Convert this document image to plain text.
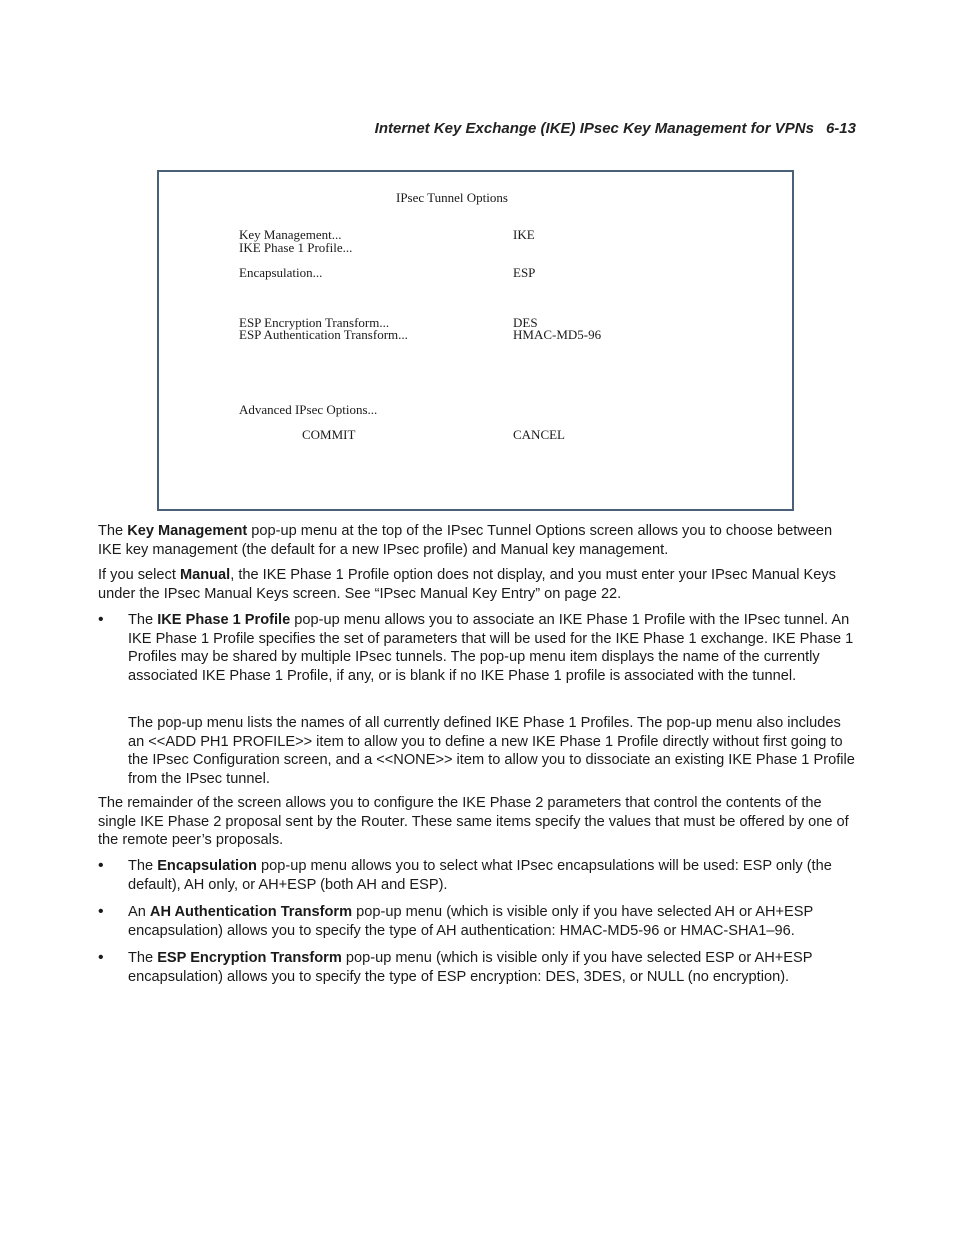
Internet Key Exchange (IKE) IPsec Key Management for VPNs 6-13
IPsec Tunnel Options
Key Management...	IKE
IKE Phase 1 Profile...
Encapsulation...	ESP
ESP Encryption Transform...	DES
ESP Authentication Transform...	HMAC-MD5-96
Advanced IPsec Options...
COMMIT	CANCEL

The Key Management pop-up menu at the top of the IPsec Tunnel Options screen allows you to choose between IKE key management (the default for a new IPsec profile) and Manual key management.

If you select Manual, the IKE Phase 1 Profile option does not display, and you must enter your IPsec Manual Keys under the IPsec Manual Keys screen. See “IPsec Manual Key Entry” on page 22.

• The IKE Phase 1 Profile pop-up menu allows you to associate an IKE Phase 1 Profile with the IPsec tunnel. An IKE Phase 1 Profile specifies the set of parameters that will be used for the IKE Phase 1 exchange. IKE Phase 1 Profiles may be shared by multiple IPsec tunnels. The pop-up menu item displays the name of the currently associated IKE Phase 1 Profile, if any, or is blank if no IKE Phase 1 profile is associated with the tunnel.

The pop-up menu lists the names of all currently defined IKE Phase 1 Profiles. The pop-up menu also includes an <<ADD PH1 PROFILE>> item to allow you to define a new IKE Phase 1 Profile directly without first going to the IPsec Configuration screen, and a <<NONE>> item to allow you to dissociate an existing IKE Phase 1 Profile from the IPsec tunnel.

The remainder of the screen allows you to configure the IKE Phase 2 parameters that control the contents of the single IKE Phase 2 proposal sent by the Router. These same items specify the values that must be offered by one of the remote peer’s proposals.

• The Encapsulation pop-up menu allows you to select what IPsec encapsulations will be used: ESP only (the default), AH only, or AH+ESP (both AH and ESP).

• An AH Authentication Transform pop-up menu (which is visible only if you have selected AH or AH+ESP encapsulation) allows you to specify the type of AH authentication: HMAC-MD5-96 or HMAC-SHA1–96.

• The ESP Encryption Transform pop-up menu (which is visible only if you have selected ESP or AH+ESP encapsulation) allows you to specify the type of ESP encryption: DES, 3DES, or NULL (no encryption).
